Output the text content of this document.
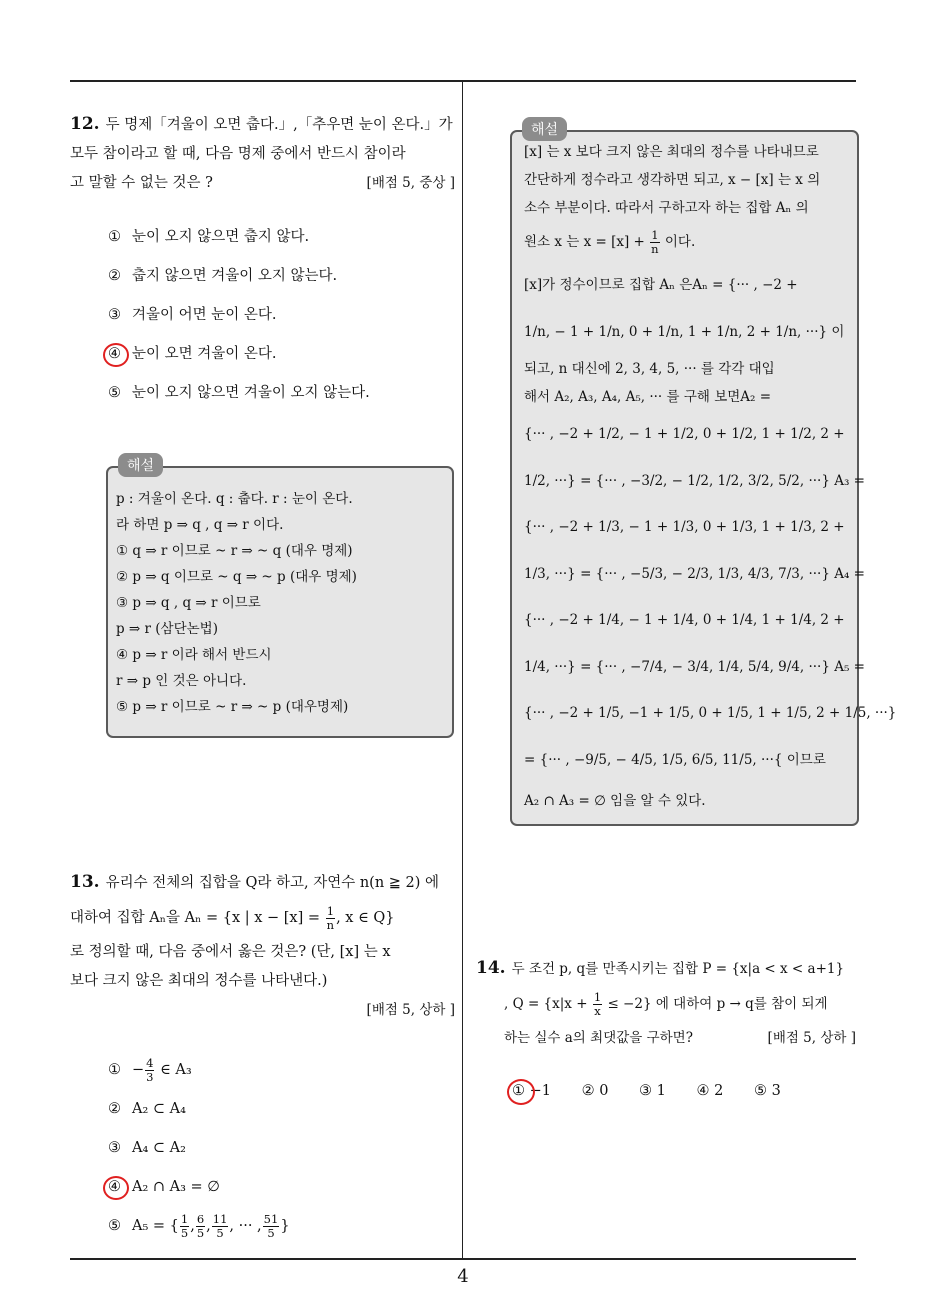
12. 두 명제「겨울이 오면 춥다.」,「추우면 눈이 온다.」가
모두 참이라고 할 때, 다음 명제 중에서 반드시 참이라
고 말할 수 없는 것은 ?	[배점 5, 중상 ]
① 눈이 오지 않으면 춥지 않다.
② 춥지 않으면 겨울이 오지 않는다.
③ 겨울이 어면 눈이 온다.
④ 눈이 오면 겨울이 온다.
⑤ 눈이 오지 않으면 겨울이 오지 않는다.
p : 겨울이 온다. q : 춥다. r : 눈이 온다.
라 하면 p ⇒ q , q ⇒ r 이다.
① q ⇒ r 이므로 ~ r ⇒ ~ q (대우 명제)
② p ⇒ q 이므로 ~ q ⇒ ~ p (대우 명제)
③ p ⇒ q , q ⇒ r 이므로
p ⇒ r (삼단논법)
④ p ⇒ r 이라 해서 반드시
r ⇒ p 인 것은 아니다.
⑤ p ⇒ r 이므로 ~ r ⇒ ~ p (대우명제)
해설
13. 유리수 전체의 집합을 Q라 하고, 자연수 n(n ≧ 2) 에
대하여 집합 Aₙ을 Aₙ = {x | $x - [x] = \frac{1}{n}$ , x ∈ Q}
로 정의할 때, 다음 중에서 옳은 것은? (단, [x] 는 x
보다 크지 않은 최대의 정수를 나타낸다.)
[배점 5, 상하 ]
① − $\frac{4}{3}$ ∈ A₃
② A₂ ⊂ A₄
③ A₄ ⊂ A₂
④ A₂ ∩ A₃ = ∅
⑤ A₅ = { $\frac{1}{5}$ , $\frac{6}{5}$ , $\frac{11}{5}$ , ··· , $\frac{51}{5}$ }
[x] 는 x 보다 크지 않은 최대의 정수를 나타내므로
간단하게 정수라고 생각하면 되고, x − [x] 는 x 의
소수 부분이다. 따라서 구하고자 하는 집합 Aₙ 의
원소 x 는 $x = [x] + \frac{1}{n}$ 이다.
[x]가 정수이므로 집합 Aₙ 은Aₙ = {··· , −2 +
1/n, − 1 + 1/n, 0 + 1/n, 1 + 1/n, 2 + 1/n, ···} 이
되고, n 대신에 2, 3, 4, 5, ··· 를 각각 대입
해서 A₂, A₃, A₄, A₅, ··· 를 구해 보면A₂ =
{··· , −2 + 1/2, − 1 + 1/2, 0 + 1/2, 1 + 1/2, 2 +
1/2, ···} = {··· , −3/2, − 1/2, 1/2, 3/2, 5/2, ···} A₃ =
{··· , −2 + 1/3, − 1 + 1/3, 0 + 1/3, 1 + 1/3, 2 +
1/3, ···} = {··· , −5/3, − 2/3, 1/3, 4/3, 7/3, ···} A₄ =
{··· , −2 + 1/4, − 1 + 1/4, 0 + 1/4, 1 + 1/4, 2 +
1/4, ···} = {··· , −7/4, − 3/4, 1/4, 5/4, 9/4, ···} A₅ =
{··· , −2 + 1/5, −1 + 1/5, 0 + 1/5, 1 + 1/5, 2 + 1/5, ···}
= {··· , −9/5, − 4/5, 1/5, 6/5, 11/5, ···{ 이므로
A₂ ∩ A₃ = ∅ 임을 알 수 있다.
해설
14. 두 조건 p, q를 만족시키는 집합 P = {x|a < x < a+1}
, $Q = \{x|x + \frac{1}{x} \le -2\}$ 에 대하여 p → q를 참이 되게
하는 실수 a의 최댓값을 구하면?	[배점 5, 상하 ]
① −1 ② 0 ③ 1 ④ 2 ⑤ 3
4
